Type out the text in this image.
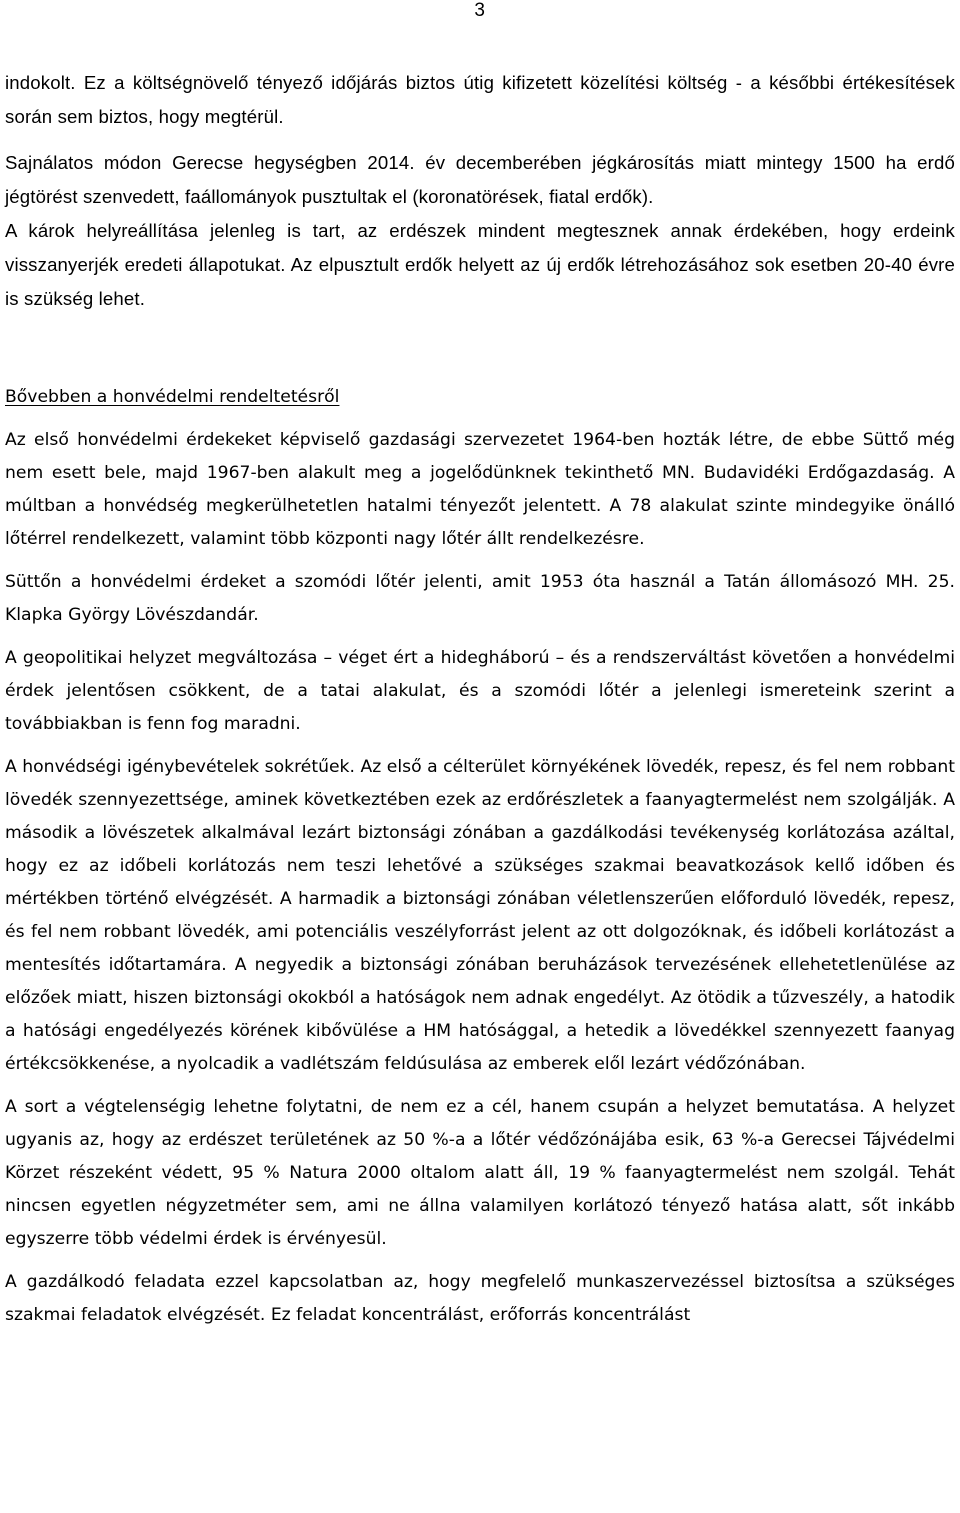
3

indokolt. Ez a költségnövelő tényező időjárás biztos útig kifizetett közelítési költség - a későbbi értékesítések során sem biztos, hogy megtérül.

Sajnálatos módon Gerecse hegységben 2014. év decemberében jégkárosítás miatt mintegy 1500 ha erdő jégtörést szenvedett, faállományok pusztultak el (koronatörések, fiatal erdők).

A károk helyreállítása jelenleg is tart, az erdészek mindent megtesznek annak érdekében, hogy erdeink visszanyerjék eredeti állapotukat. Az elpusztult erdők helyett az új erdők létrehozásához sok esetben 20-40 évre is szükség lehet.

Bővebben a honvédelmi rendeltetésről

Az első honvédelmi érdekeket képviselő gazdasági szervezetet 1964-ben hozták létre, de ebbe Süttő még nem esett bele, majd 1967-ben alakult meg a jogelődünknek tekinthető MN. Budavidéki Erdőgazdaság. A múltban a honvédség megkerülhetetlen hatalmi tényezőt jelentett. A 78 alakulat szinte mindegyike önálló lőtérrel rendelkezett, valamint több központi nagy lőtér állt rendelkezésre.

Süttőn a honvédelmi érdeket a szomódi lőtér jelenti, amit 1953 óta használ a Tatán állomásozó MH. 25. Klapka György Lövészdandár.

A geopolitikai helyzet megváltozása – véget ért a hidegháború – és a rendszerváltást követően a honvédelmi érdek jelentősen csökkent, de a tatai alakulat, és a szomódi lőtér a jelenlegi ismereteink szerint a továbbiakban is fenn fog maradni.

A honvédségi igénybevételek sokrétűek. Az első a célterület környékének lövedék, repesz, és fel nem robbant lövedék szennyezettsége, aminek következtében ezek az erdőrészletek a faanyagtermelést nem szolgálják. A második a lövészetek alkalmával lezárt biztonsági zónában a gazdálkodási tevékenység korlátozása azáltal, hogy ez az időbeli korlátozás nem teszi lehetővé a szükséges szakmai beavatkozások kellő időben és mértékben történő elvégzését. A harmadik a biztonsági zónában véletlenszerűen előforduló lövedék, repesz, és fel nem robbant lövedék, ami potenciális veszélyforrást jelent az ott dolgozóknak, és időbeli korlátozást a mentesítés időtartamára. A negyedik a biztonsági zónában beruházások tervezésének ellehetetlenülése az előzőek miatt, hiszen biztonsági okokból a hatóságok nem adnak engedélyt. Az ötödik a tűzveszély, a hatodik a hatósági engedélyezés körének kibővülése a HM hatósággal, a hetedik a lövedékkel szennyezett faanyag értékcsökkenése, a nyolcadik a vadlétszám feldúsulása az emberek elől lezárt védőzónában.

A sort a végtelenségig lehetne folytatni, de nem ez a cél, hanem csupán a helyzet bemutatása. A helyzet ugyanis az, hogy az erdészet területének az 50 %-a a lőtér védőzónájába esik, 63 %-a Gerecsei Tájvédelmi Körzet részeként védett, 95 % Natura 2000 oltalom alatt áll, 19 % faanyagtermelést nem szolgál. Tehát nincsen egyetlen négyzetméter sem, ami ne állna valamilyen korlátozó tényező hatása alatt, sőt inkább egyszerre több védelmi érdek is érvényesül.

A gazdálkodó feladata ezzel kapcsolatban az, hogy megfelelő munkaszervezéssel biztosítsa a szükséges szakmai feladatok elvégzését. Ez feladat koncentrálást, erőforrás koncentrálást
